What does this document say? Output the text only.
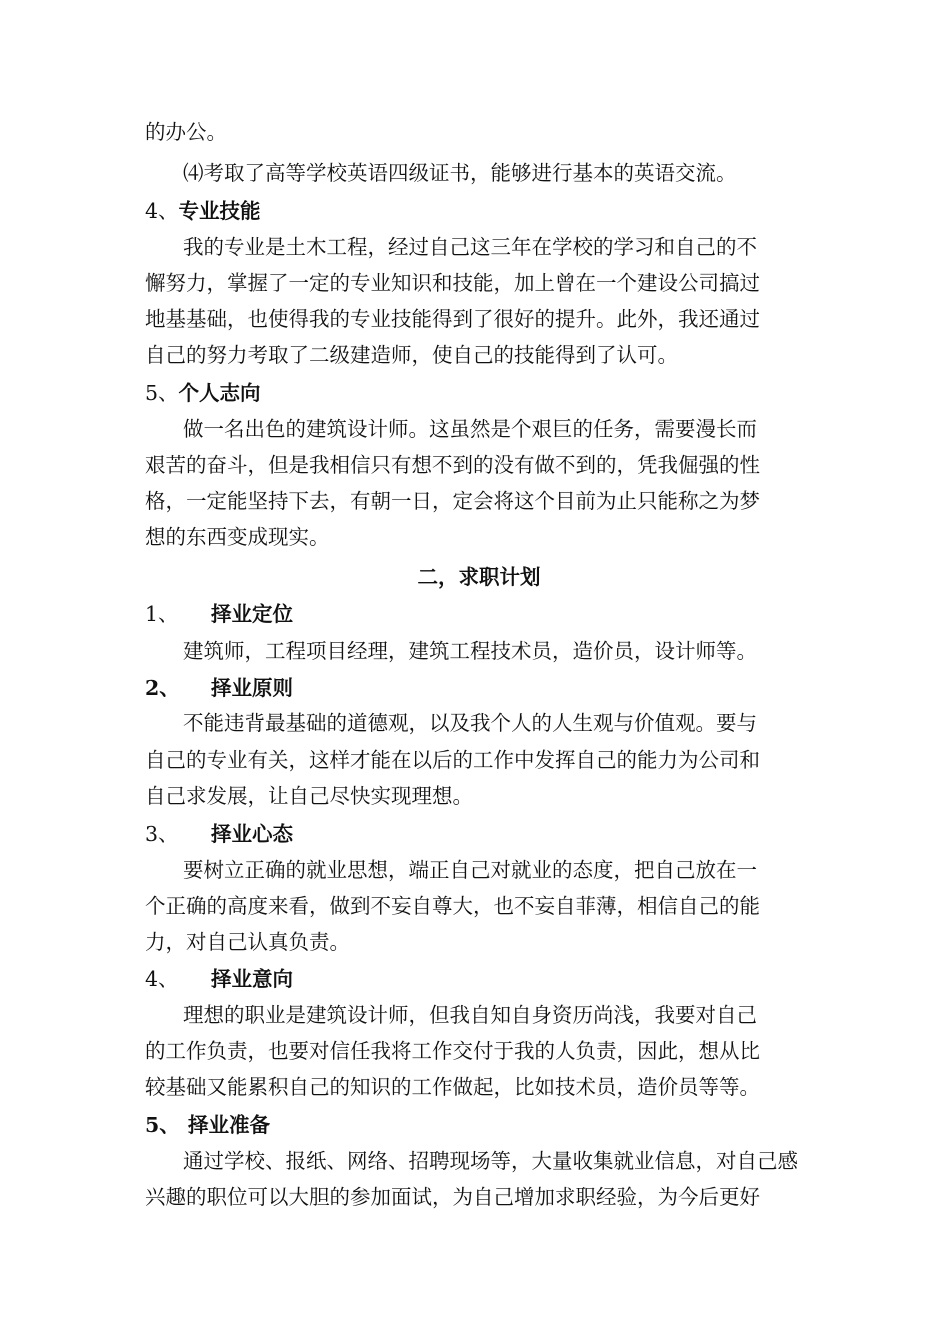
的办公。
⑷考取了高等学校英语四级证书，能够进行基本的英语交流。
4、专业技能
我的专业是土木工程，经过自己这三年在学校的学习和自己的不
懈努力，掌握了一定的专业知识和技能，加上曾在一个建设公司搞过
地基基础，也使得我的专业技能得到了很好的提升。此外，我还通过
自己的努力考取了二级建造师，使自己的技能得到了认可。
5、个人志向
做一名出色的建筑设计师。这虽然是个艰巨的任务，需要漫长而
艰苦的奋斗，但是我相信只有想不到的没有做不到的，凭我倔强的性
格，一定能坚持下去，有朝一日，定会将这个目前为止只能称之为梦
想的东西变成现实。
二，求职计划
1、 择业定位
建筑师，工程项目经理，建筑工程技术员，造价员，设计师等。
2、 择业原则
不能违背最基础的道德观，以及我个人的人生观与价值观。要与
自己的专业有关，这样才能在以后的工作中发挥自己的能力为公司和
自己求发展，让自己尽快实现理想。
3、 择业心态
要树立正确的就业思想，端正自己对就业的态度，把自己放在一
个正确的高度来看，做到不妄自尊大，也不妄自菲薄，相信自己的能
力，对自己认真负责。
4、 择业意向
理想的职业是建筑设计师，但我自知自身资历尚浅，我要对自己
的工作负责，也要对信任我将工作交付于我的人负责，因此，想从比
较基础又能累积自己的知识的工作做起，比如技术员，造价员等等。
5、 择业准备
通过学校、报纸、网络、招聘现场等，大量收集就业信息，对自己感
兴趣的职位可以大胆的参加面试，为自己增加求职经验，为今后更好
